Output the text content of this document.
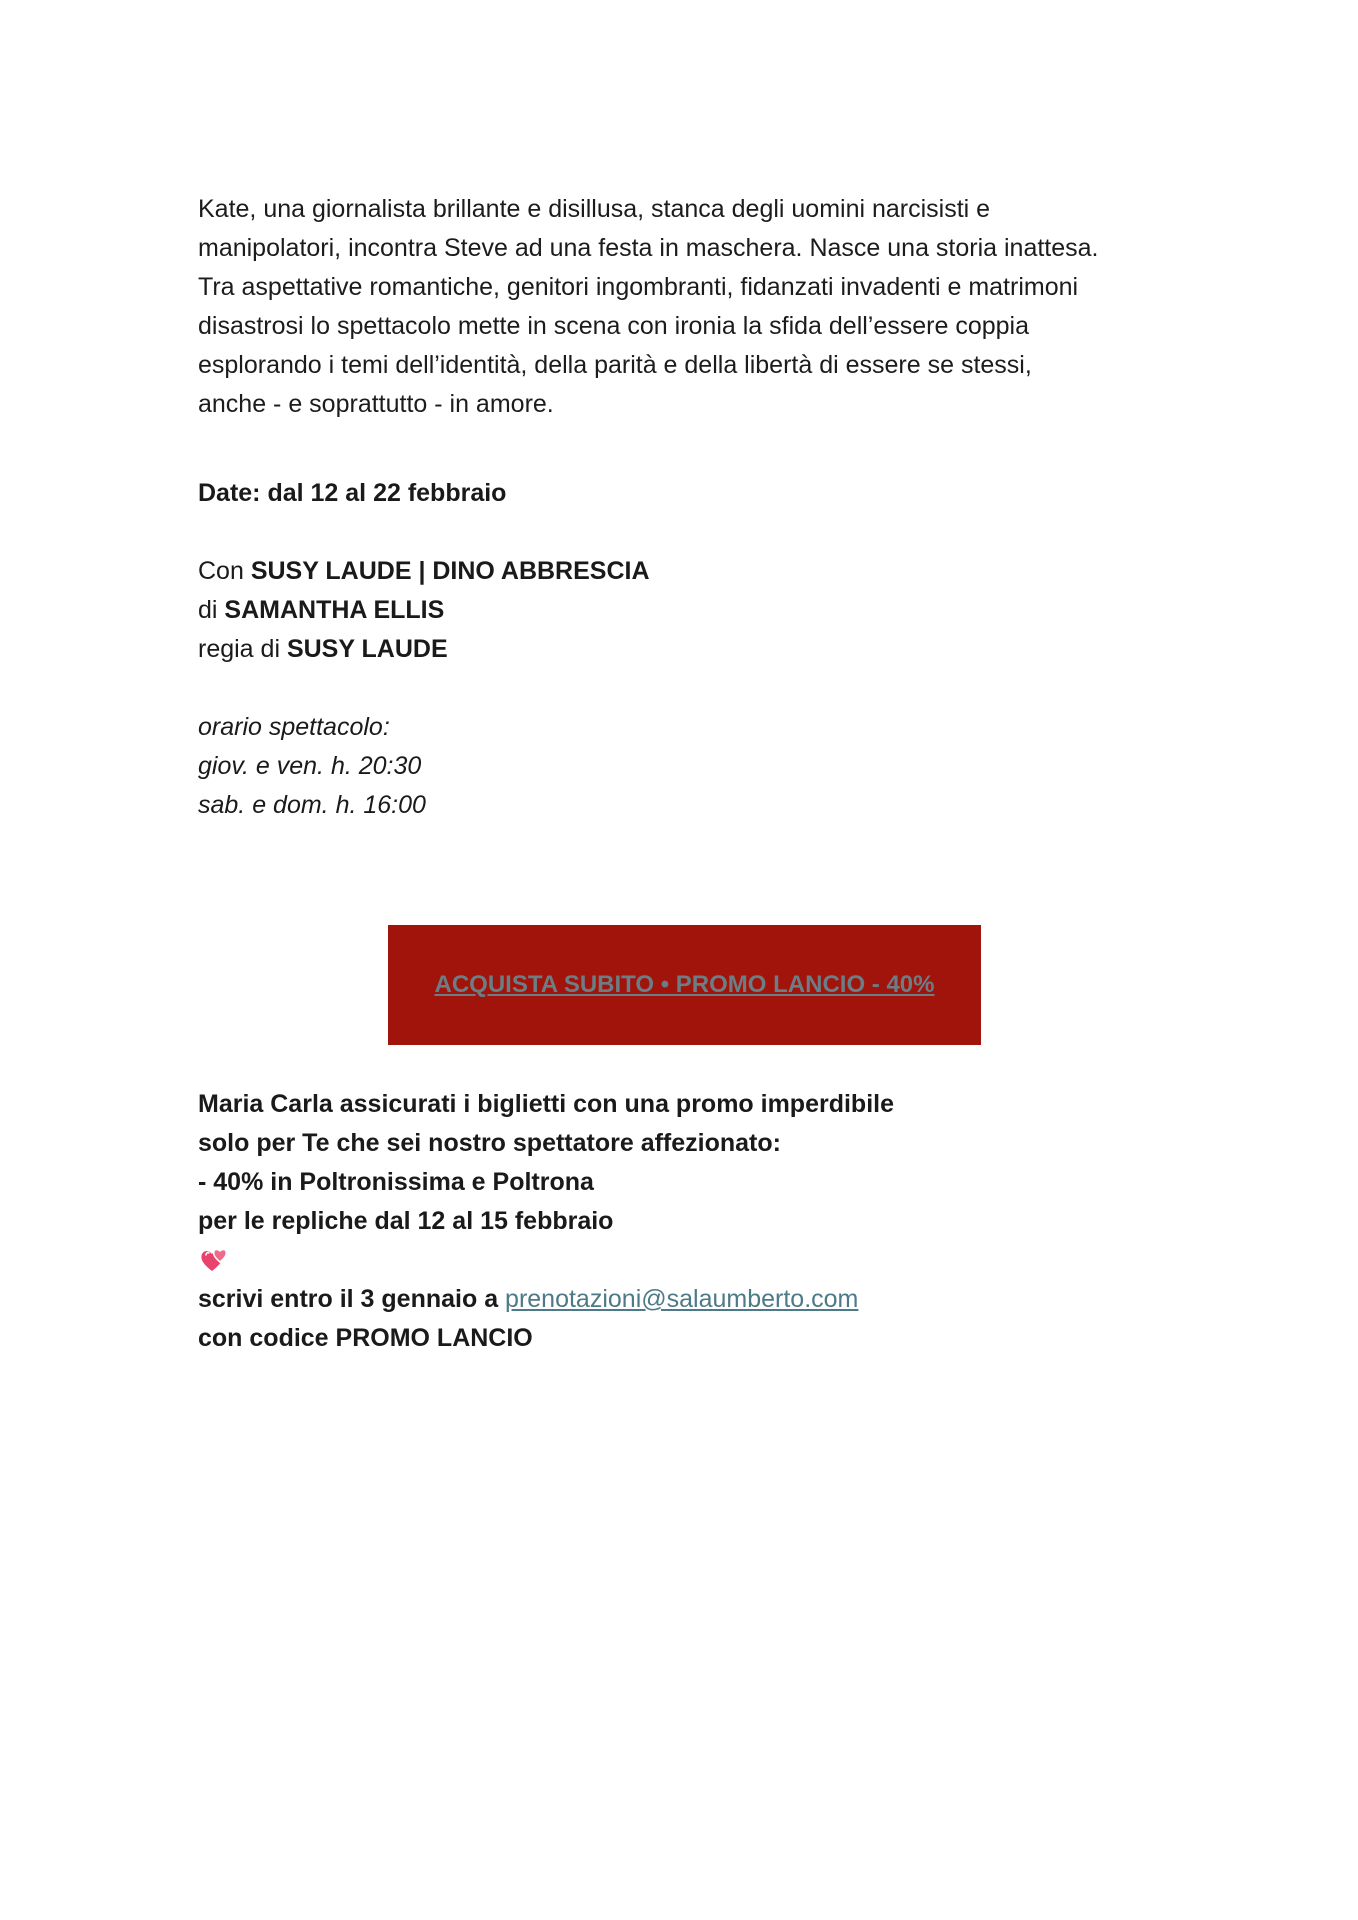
Kate, una giornalista brillante e disillusa, stanca degli uomini narcisisti e

manipolatori, incontra Steve ad una festa in maschera. Nasce una storia inattesa.

Tra aspettative romantiche, genitori ingombranti, fidanzati invadenti e matrimoni

disastrosi lo spettacolo mette in scena con ironia la sfida dell’essere coppia

esplorando i temi dell’identità, della parità e della libertà di essere se stessi,

anche - e soprattutto - in amore.

Date: dal 12 al 22 febbraio

Con SUSY LAUDE | DINO ABBRESCIA

di SAMANTHA ELLIS

regia di SUSY LAUDE

orario spettacolo:

giov. e ven. h. 20:30

sab. e dom. h. 16:00

ACQUISTA SUBITO • PROMO LANCIO - 40%

Maria Carla assicurati i biglietti con una promo imperdibile

solo per Te che sei nostro spettatore affezionato:

- 40% in Poltronissima e Poltrona

per le repliche dal 12 al 15 febbraio

scrivi entro il 3 gennaio a prenotazioni@salaumberto.com

con codice PROMO LANCIO
